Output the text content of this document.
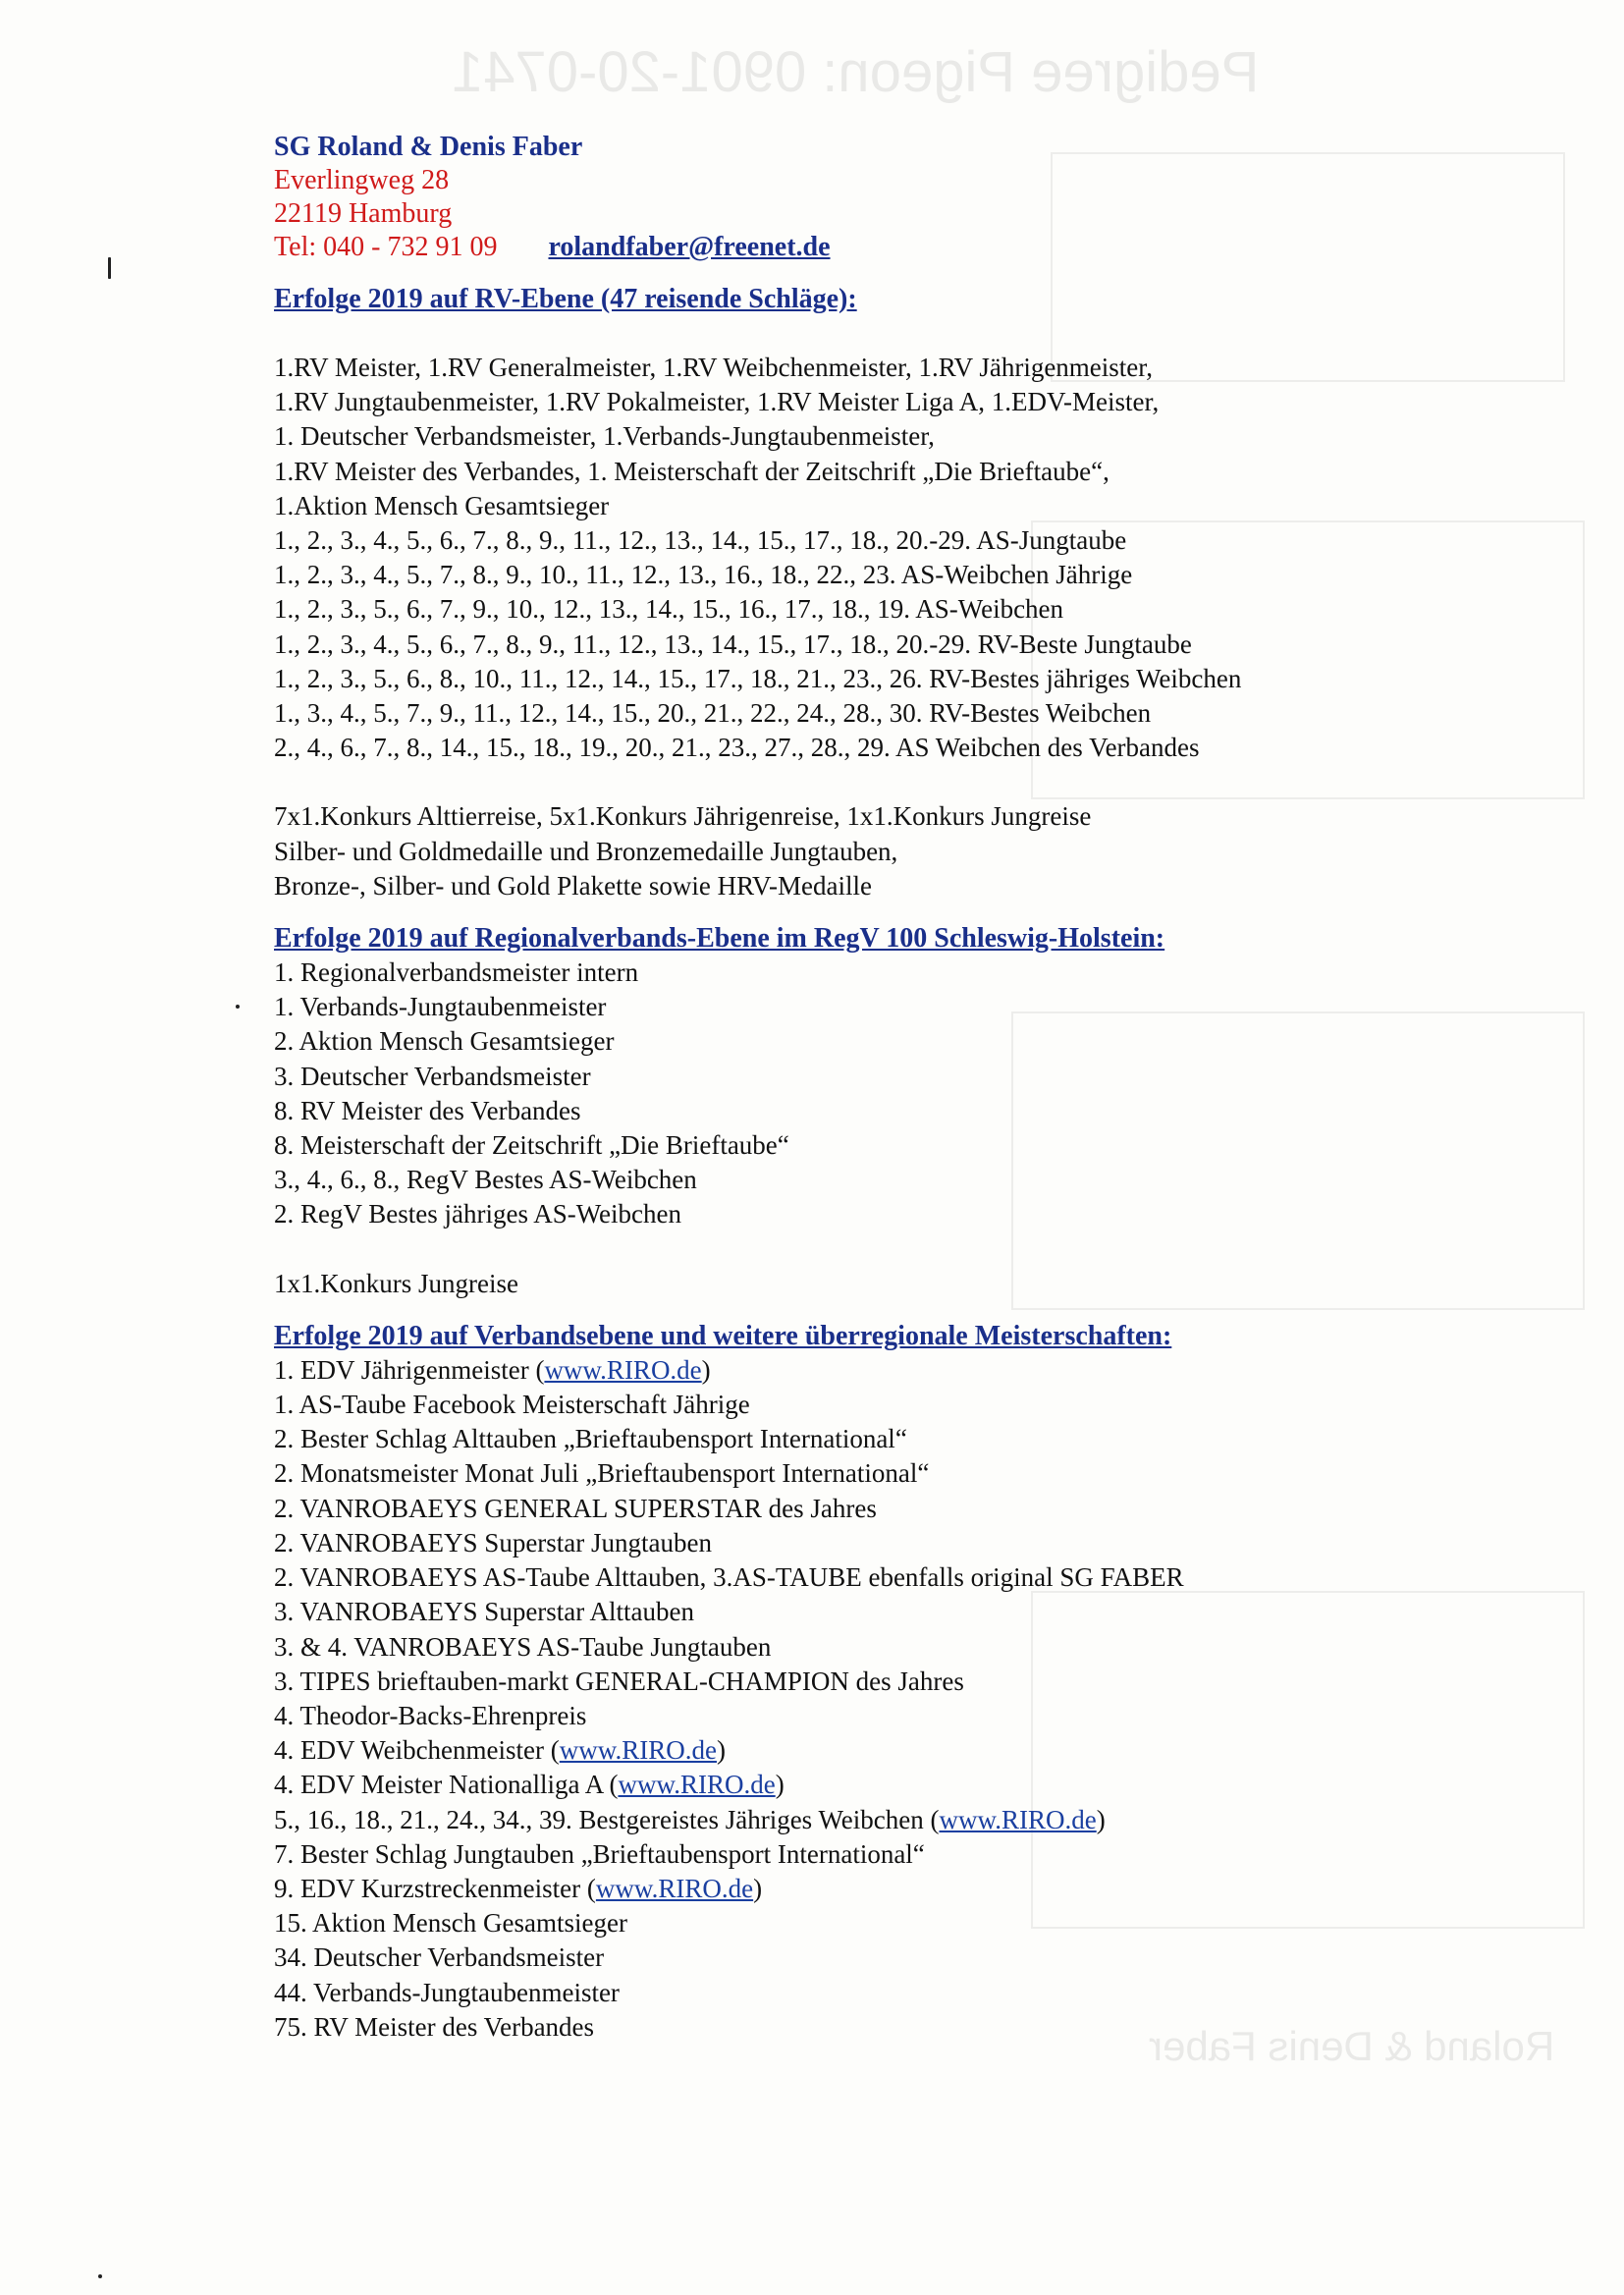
Pedigree Pigeon: 0901-20-0741
Roland & Denis Faber
SG Roland & Denis Faber
Everlingweg 28
22119 Hamburg
Tel: 040 - 732 91 09 rolandfaber@freenet.de
Erfolge 2019 auf RV-Ebene (47 reisende Schläge):
1.RV Meister, 1.RV Generalmeister, 1.RV Weibchenmeister, 1.RV Jährigenmeister,
1.RV Jungtaubenmeister, 1.RV Pokalmeister, 1.RV Meister Liga A, 1.EDV-Meister,
1. Deutscher Verbandsmeister, 1.Verbands-Jungtaubenmeister,
1.RV Meister des Verbandes, 1. Meisterschaft der Zeitschrift „Die Brieftaube“,
1.Aktion Mensch Gesamtsieger
1., 2., 3., 4., 5., 6., 7., 8., 9., 11., 12., 13., 14., 15., 17., 18., 20.-29. AS-Jungtaube
1., 2., 3., 4., 5., 7., 8., 9., 10., 11., 12., 13., 16., 18., 22., 23. AS-Weibchen Jährige
1., 2., 3., 5., 6., 7., 9., 10., 12., 13., 14., 15., 16., 17., 18., 19. AS-Weibchen
1., 2., 3., 4., 5., 6., 7., 8., 9., 11., 12., 13., 14., 15., 17., 18., 20.-29. RV-Beste Jungtaube
1., 2., 3., 5., 6., 8., 10., 11., 12., 14., 15., 17., 18., 21., 23., 26. RV-Bestes jähriges Weibchen
1., 3., 4., 5., 7., 9., 11., 12., 14., 15., 20., 21., 22., 24., 28., 30. RV-Bestes Weibchen
2., 4., 6., 7., 8., 14., 15., 18., 19., 20., 21., 23., 27., 28., 29. AS Weibchen des Verbandes
7x1.Konkurs Alttierreise, 5x1.Konkurs Jährigenreise, 1x1.Konkurs Jungreise
Silber- und Goldmedaille und Bronzemedaille Jungtauben,
Bronze-, Silber- und Gold Plakette sowie HRV-Medaille
Erfolge 2019 auf Regionalverbands-Ebene im RegV 100 Schleswig-Holstein:
1. Regionalverbandsmeister intern
1. Verbands-Jungtaubenmeister
2. Aktion Mensch Gesamtsieger
3. Deutscher Verbandsmeister
8. RV Meister des Verbandes
8. Meisterschaft der Zeitschrift „Die Brieftaube“
3., 4., 6., 8., RegV Bestes AS-Weibchen
2. RegV Bestes jähriges AS-Weibchen
1x1.Konkurs Jungreise
Erfolge 2019 auf Verbandsebene und weitere überregionale Meisterschaften:
1. EDV Jährigenmeister (www.RIRO.de)
1. AS-Taube Facebook Meisterschaft Jährige
2. Bester Schlag Alttauben „Brieftaubensport International“
2. Monatsmeister Monat Juli „Brieftaubensport International“
2. VANROBAEYS GENERAL SUPERSTAR des Jahres
2. VANROBAEYS Superstar Jungtauben
2. VANROBAEYS AS-Taube Alttauben, 3.AS-TAUBE ebenfalls original SG FABER
3. VANROBAEYS Superstar Alttauben
3. & 4. VANROBAEYS AS-Taube Jungtauben
3. TIPES brieftauben-markt GENERAL-CHAMPION des Jahres
4. Theodor-Backs-Ehrenpreis
4. EDV Weibchenmeister (www.RIRO.de)
4. EDV Meister Nationalliga A (www.RIRO.de)
5., 16., 18., 21., 24., 34., 39. Bestgereistes Jähriges Weibchen (www.RIRO.de)
7. Bester Schlag Jungtauben „Brieftaubensport International“
9. EDV Kurzstreckenmeister (www.RIRO.de)
15. Aktion Mensch Gesamtsieger
34. Deutscher Verbandsmeister
44. Verbands-Jungtaubenmeister
75. RV Meister des Verbandes
